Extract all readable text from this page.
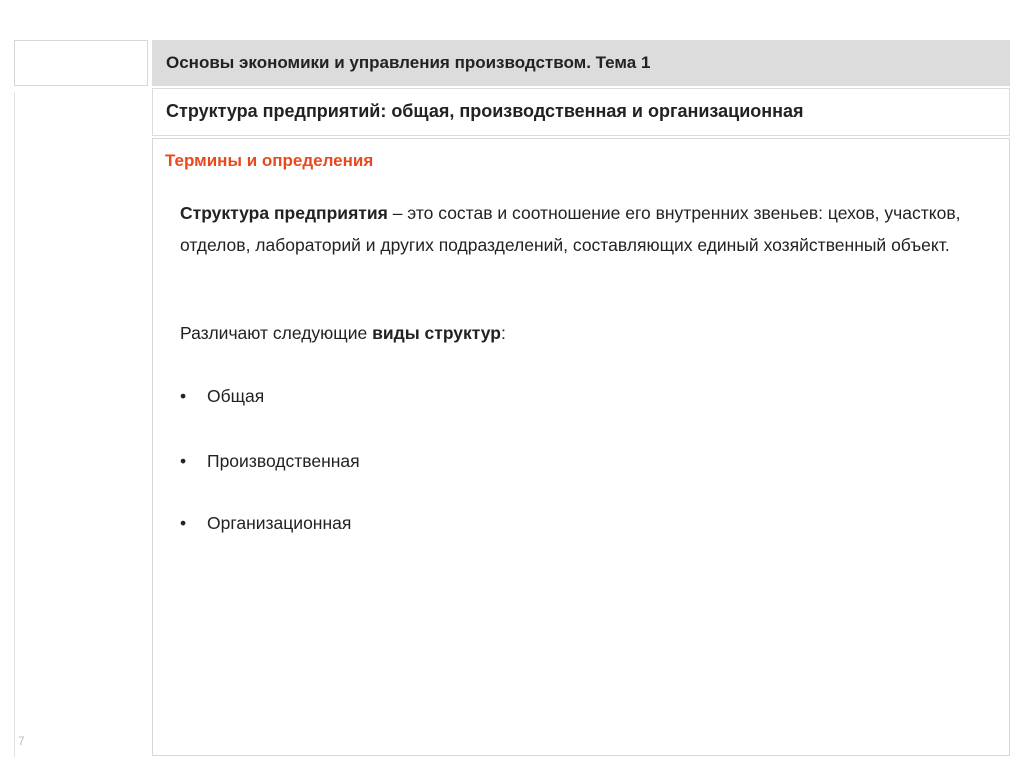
Основы экономики и управления производством. Тема 1
Структура предприятий: общая, производственная и организационная
Термины и определения
Структура предприятия – это состав и соотношение его внутренних звеньев: цехов, участков, отделов, лабораторий и других подразделений, составляющих единый хозяйственный объект.
Различают следующие виды структур:
• Общая
• Производственная
• Организационная
7
